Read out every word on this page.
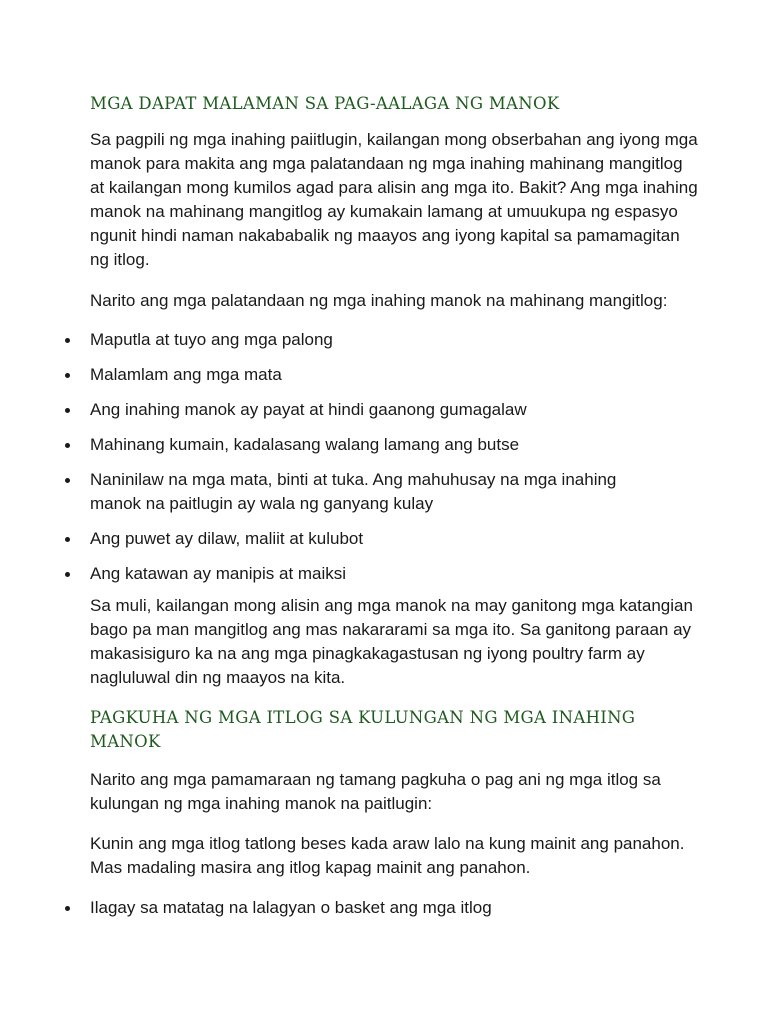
MGA DAPAT MALAMAN SA PAG-AALAGA NG MANOK

Sa pagpili ng mga inahing paiitlugin, kailangan mong obserbahan ang iyong mga manok para makita ang mga palatandaan ng mga inahing mahinang mangitlog at kailangan mong kumilos agad para alisin ang mga ito. Bakit? Ang mga inahing manok na mahinang mangitlog ay kumakain lamang at umuukupa ng espasyo ngunit hindi naman nakababalik ng maayos ang iyong kapital sa pamamagitan ng itlog.

Narito ang mga palatandaan ng mga inahing manok na mahinang mangitlog:

Maputla at tuyo ang mga palong
Malamlam ang mga mata
Ang inahing manok ay payat at hindi gaanong gumagalaw
Mahinang kumain, kadalasang walang lamang ang butse
Naninilaw na mga mata, binti at tuka. Ang mahuhusay na mga inahing manok na paitlugin ay wala ng ganyang kulay
Ang puwet ay dilaw, maliit at kulubot
Ang katawan ay manipis at maiksi

Sa muli, kailangan mong alisin ang mga manok na may ganitong mga katangian bago pa man mangitlog ang mas nakararami sa mga ito. Sa ganitong paraan ay makasisiguro ka na ang mga pinagkakagastusan ng iyong poultry farm ay nagluluwal din ng maayos na kita.

PAGKUHA NG MGA ITLOG SA KULUNGAN NG MGA INAHING MANOK

Narito ang mga pamamaraan ng tamang pagkuha o pag ani ng mga itlog sa kulungan ng mga inahing manok na paitlugin:

Kunin ang mga itlog tatlong beses kada araw lalo na kung mainit ang panahon. Mas madaling masira ang itlog kapag mainit ang panahon.

Ilagay sa matatag na lalagyan o basket ang mga itlog
